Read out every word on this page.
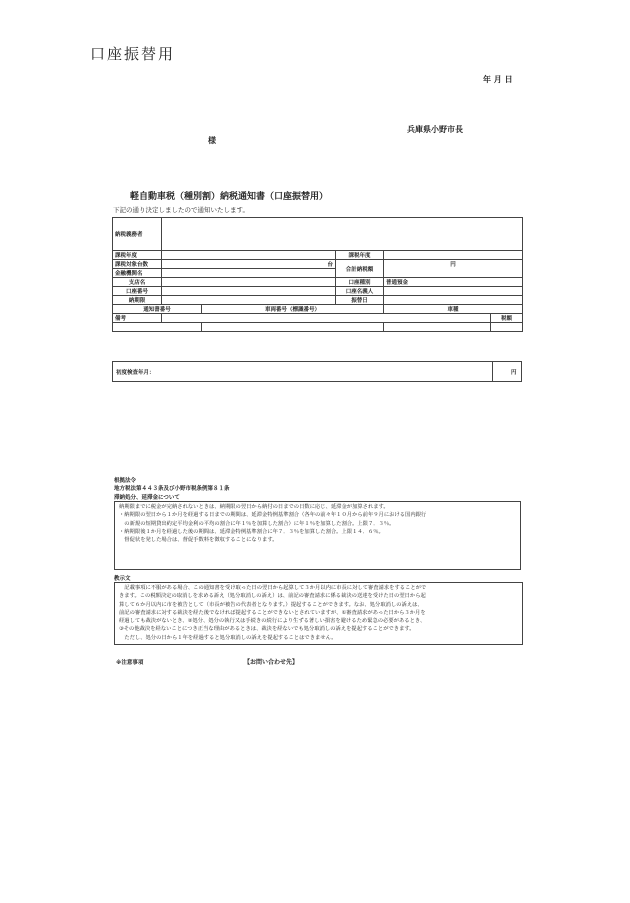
口座振替用
年 月 日
兵庫県小野市長
様
軽自動車税（種別割）納税通知書（口座振替用）
下記の通り決定しましたので通知いたします。
納税義務者					
課税年度			課税年度		
課税対象台数	台		合計納税額	円	
金融機関名					
支店名			口座種別	普通預金	
口座番号			口座名義人		
納期限			振替日		
通知書番号		車両番号（標識番号）		車種	
備考					税額

初度検査年月：	円
根拠法令
地方税法第４４３条及び小野市税条例第８１条
滞納処分、延滞金について

納期限までに税金が完納されないときは、納期限の翌日から納付の日までの日数に応じ、延滞金が加算されます。

・納期限の翌日から１か月を経過する日までの期間は、延滞金特例基準割合（各年の前々年１０月から前年９月における国内銀行

　の新規の短期貸出約定平均金利の平均の割合に年１％を加算した割合）に年１％を加算した割合。上限７．３％。

・納期限後１か月を経過した後の期間は、延滞金特例基準割合に年７．３％を加算した割合。上限１４．６％。

　督促状を発した場合は、督促手数料を徴収することになります。

教示文

　記載事項に不服がある場合、この通知書を受け取った日の翌日から起算して３か月以内に市長に対して審査請求をすることがで

きます。この税額決定の取消しを求める訴え（処分取消しの訴え）は、前記の審査請求に係る裁決の送達を受けた日の翌日から起

算して６か月以内に市を被告として（市長が被告の代表者となります。）提起することができます。なお、処分取消しの訴えは、

前記の審査請求に対する裁決を経た後でなければ提起することができないとされていますが、①審査請求があった日から３か月を

経過しても裁決がないとき、②処分、処分の執行又は手続きの続行により生ずる著しい損害を避けるため緊急の必要があるとき、

③その他裁決を経ないことにつき正当な理由があるときは、裁決を経ないでも処分取消しの訴えを提起することができます。

　ただし、処分の日から１年を経過すると処分取消しの訴えを提起することはできません。

※注意事項	【お問い合わせ先】
